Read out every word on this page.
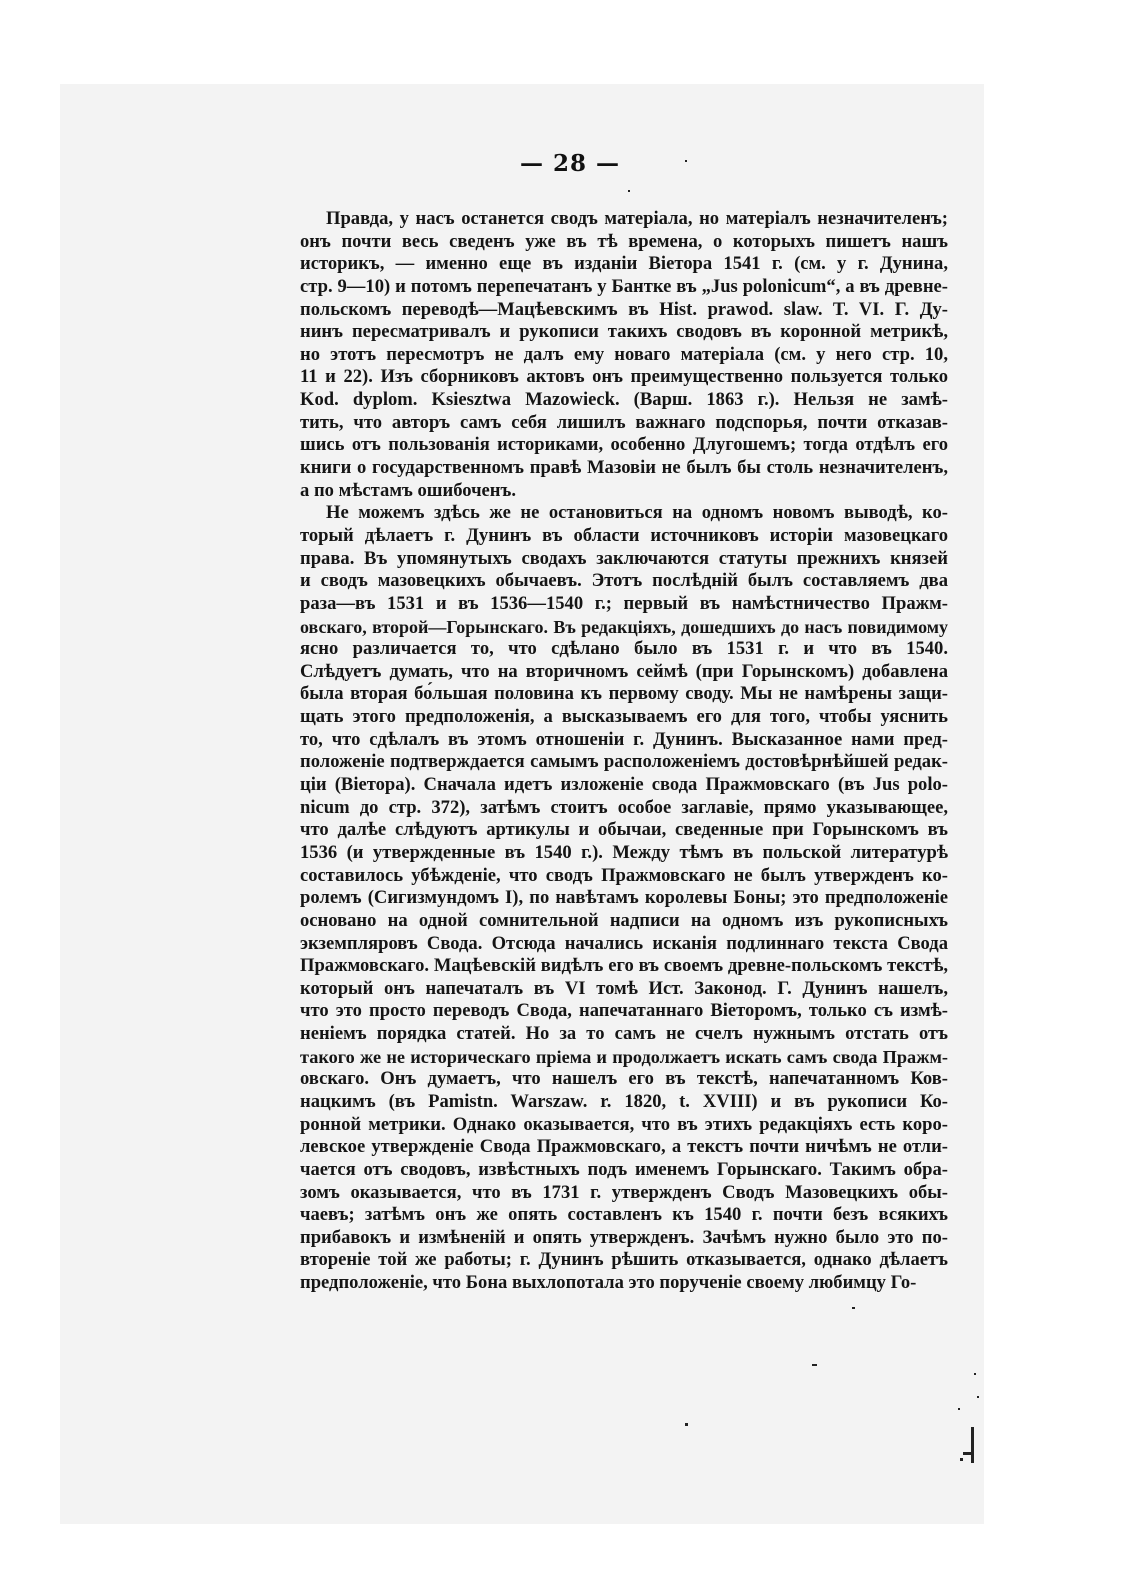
— 28 —
Правда, у насъ останется сводъ матеріала, но матеріалъ незначителенъ;
онъ почти весь сведенъ уже въ тѣ времена, о которыхъ пишетъ нашъ
историкъ, — именно еще въ изданіи Віетора 1541 г. (см. у г. Дунина,
стр. 9—10) и потомъ перепечатанъ у Бантке въ „Jus polonicum“, а въ древне-
польскомъ переводѣ—Мацѣевскимъ въ Hist. prawod. slaw. T. VI. Г. Ду-
нинъ пересматривалъ и рукописи такихъ сводовъ въ коронной метрикѣ,
но этотъ пересмотръ не далъ ему новаго матеріала (см. у него стр. 10,
11 и 22). Изъ сборниковъ актовъ онъ преимущественно пользуется только
Kod. dyplom. Ksiesztwa Mazowieck. (Варш. 1863 г.). Нельзя не замѣ-
тить, что авторъ самъ себя лишилъ важнаго подспорья, почти отказав-
шись отъ пользованія историками, особенно Длугошемъ; тогда отдѣлъ его
книги о государственномъ правѣ Мазовіи не былъ бы столь незначителенъ,
а по мѣстамъ ошибоченъ.
Не можемъ здѣсь же не остановиться на одномъ новомъ выводѣ, ко-
торый дѣлаетъ г. Дунинъ въ области источниковъ исторіи мазовецкаго
права. Въ упомянутыхъ сводахъ заключаются статуты прежнихъ князей
и сводъ мазовецкихъ обычаевъ. Этотъ послѣдній былъ составляемъ два
раза—въ 1531 и въ 1536—1540 г.; первый въ намѣстничество Пражм-
овскаго, второй—Горынскаго. Въ редакціяхъ, дошедшихъ до насъ повидимому
ясно различается то, что сдѣлано было въ 1531 г. и что въ 1540.
Слѣдуетъ думать, что на вторичномъ сеймѣ (при Горынскомъ) добавлена
была вторая бо́льшая половина къ первому своду. Мы не намѣрены защи-
щать этого предположенія, а высказываемъ его для того, чтобы уяснить
то, что сдѣлалъ въ этомъ отношеніи г. Дунинъ. Высказанное нами пред-
положеніе подтверждается самымъ расположеніемъ достовѣрнѣйшей редак-
ціи (Віетора). Сначала идетъ изложеніе свода Пражмовскаго (въ Jus polo-
nicum до стр. 372), затѣмъ стоитъ особое заглавіе, прямо указывающее,
что далѣе слѣдуютъ артикулы и обычаи, сведенные при Горынскомъ въ
1536 (и утвержденные въ 1540 г.). Между тѣмъ въ польской литературѣ
составилось убѣжденіе, что сводъ Пражмовскаго не былъ утвержденъ ко-
ролемъ (Сигизмундомъ I), по навѣтамъ королевы Боны; это предположеніе
основано на одной сомнительной надписи на одномъ изъ рукописныхъ
экземпляровъ Свода. Отсюда начались исканія подлиннаго текста Свода
Пражмовскаго. Мацѣевскій видѣлъ его въ своемъ древне-польскомъ текстѣ,
который онъ напечаталъ въ VI томѣ Ист. Законод. Г. Дунинъ нашелъ,
что это просто переводъ Свода, напечатаннаго Віеторомъ, только съ измѣ-
неніемъ порядка статей. Но за то самъ не счелъ нужнымъ отстать отъ
такого же не историческаго пріема и продолжаетъ искать самъ свода Пражм-
овскаго. Онъ думаетъ, что нашелъ его въ текстѣ, напечатанномъ Ков-
нацкимъ (въ Pamistn. Warszaw. r. 1820, t. XVIII) и въ рукописи Ко-
ронной метрики. Однако оказывается, что въ этихъ редакціяхъ есть коро-
левское утвержденіе Свода Пражмовскаго, а текстъ почти ничѣмъ не отли-
чается отъ сводовъ, извѣстныхъ подъ именемъ Горынскаго. Такимъ обра-
зомъ оказывается, что въ 1731 г. утвержденъ Сводъ Мазовецкихъ обы-
чаевъ; затѣмъ онъ же опять составленъ къ 1540 г. почти безъ всякихъ
прибавокъ и измѣненій и опять утвержденъ. Зачѣмъ нужно было это по-
втореніе той же работы; г. Дунинъ рѣшить отказывается, однако дѣлаетъ
предположеніе, что Бона выхлопотала это порученіе своему любимцу Го-
